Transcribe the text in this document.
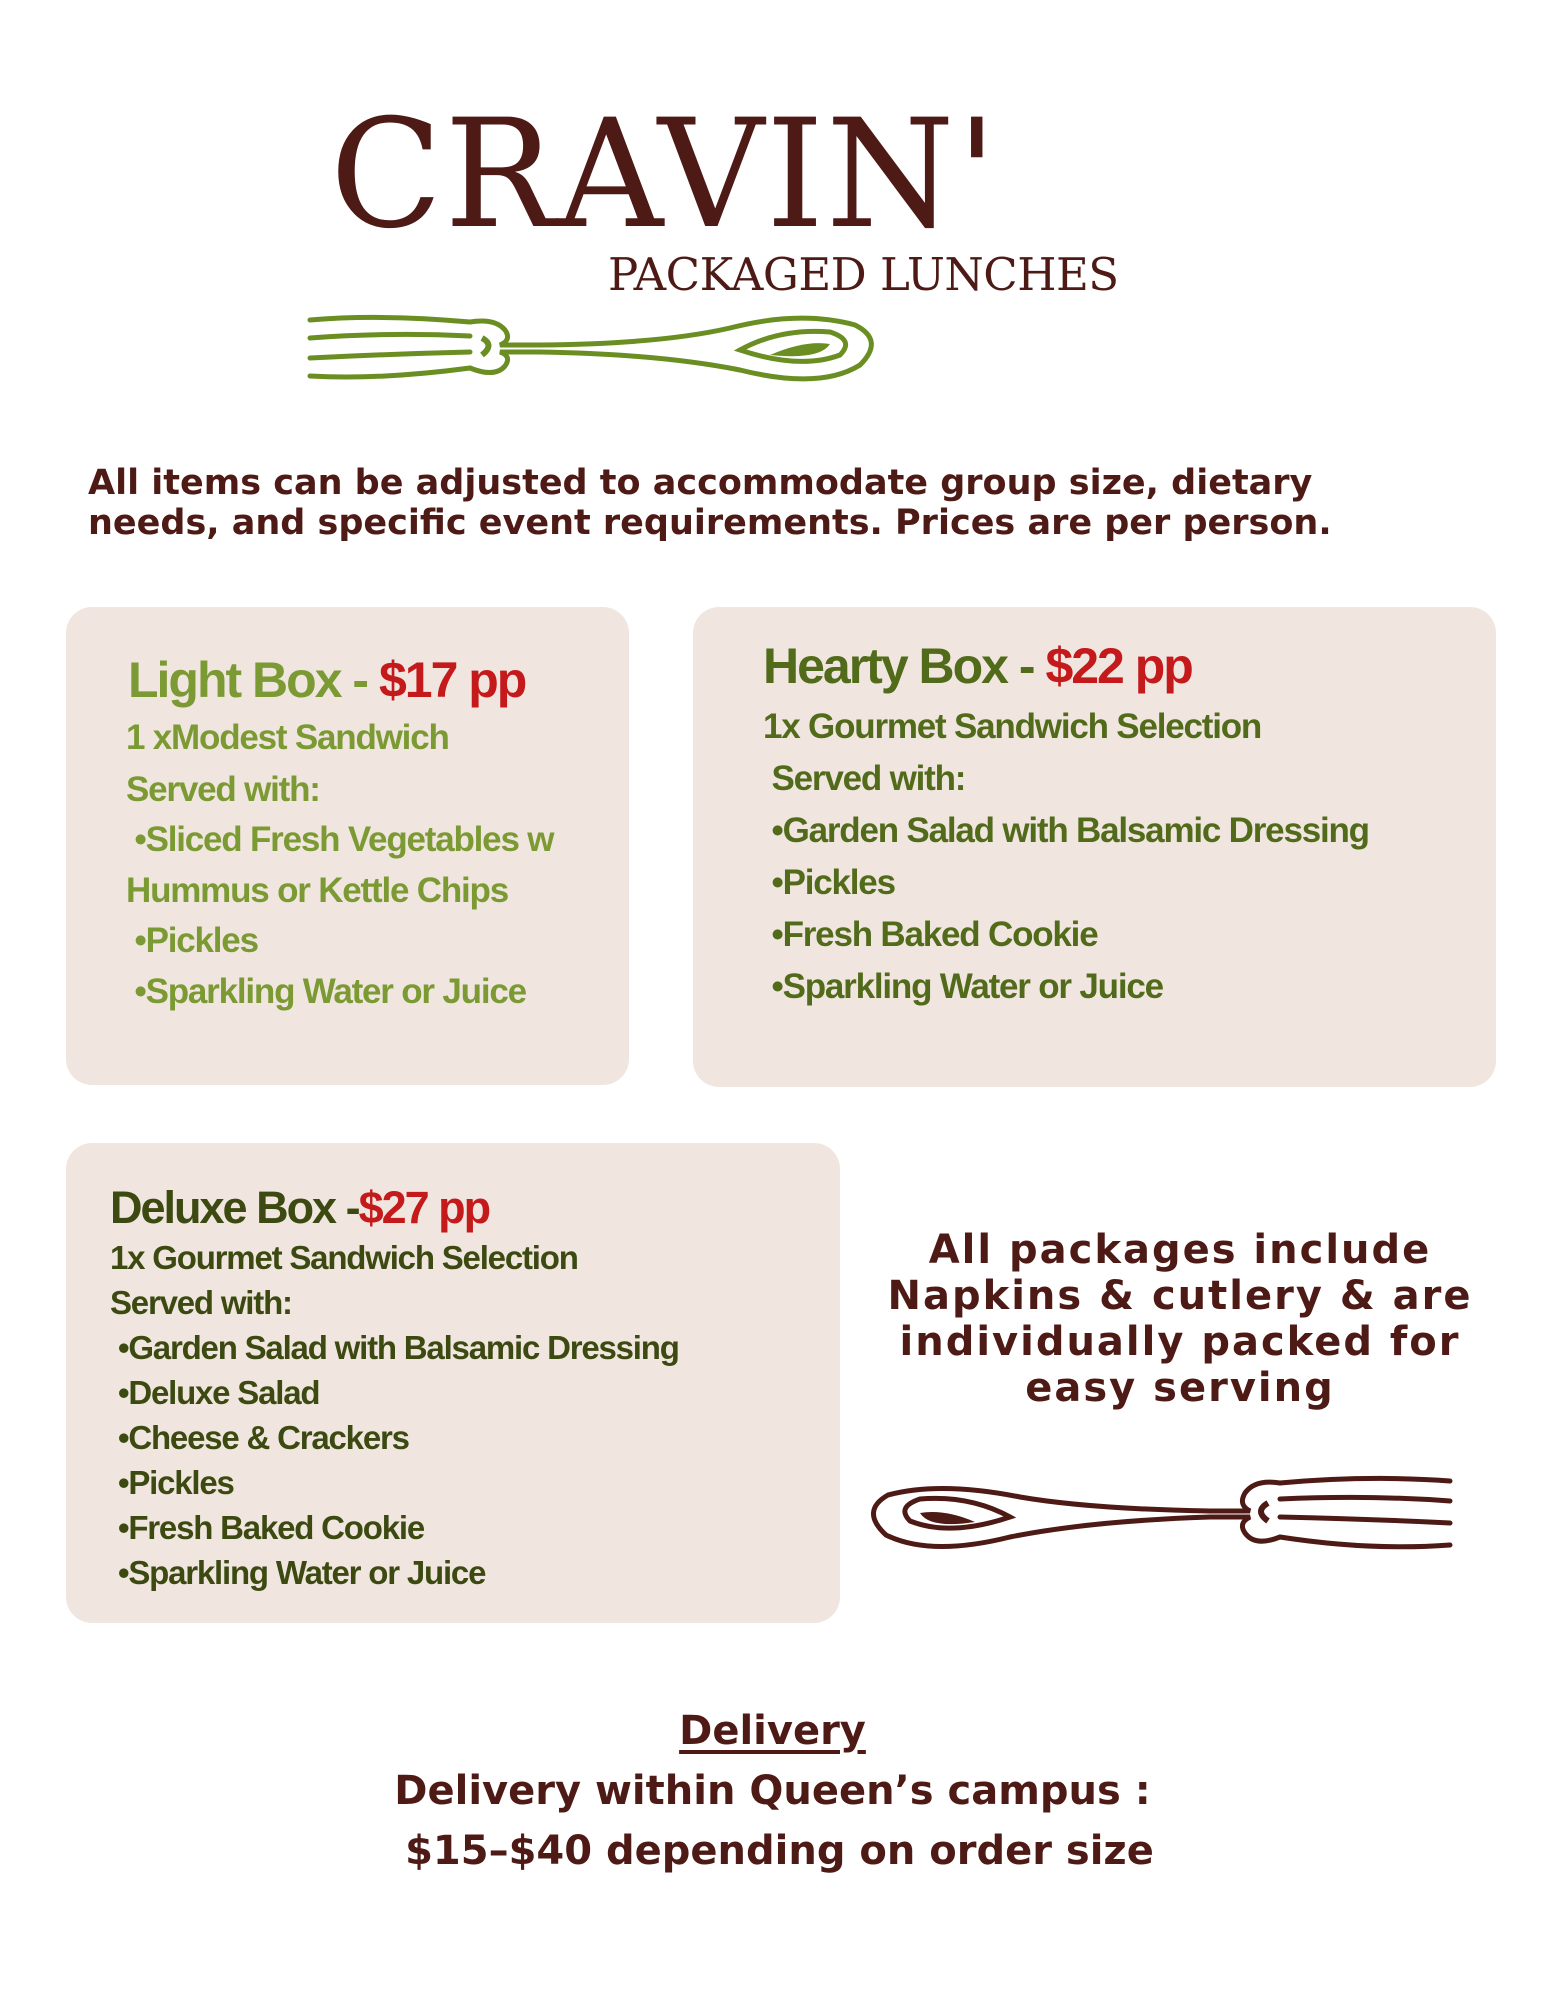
CRAVIN'
PACKAGED LUNCHES
All items can be adjusted to accommodate group size, dietary
needs, and specific event requirements. Prices are per person.
Light Box - $17 pp
1 xModest Sandwich
Served with:
•Sliced Fresh Vegetables w
Hummus or Kettle Chips
•Pickles
•Sparkling Water or Juice
Hearty Box - $22 pp
1x Gourmet Sandwich Selection
Served with:
•Garden Salad with Balsamic Dressing
•Pickles
•Fresh Baked Cookie
•Sparkling Water or Juice
Deluxe Box -$27 pp
1x Gourmet Sandwich Selection
Served with:
•Garden Salad with Balsamic Dressing
•Deluxe Salad
•Cheese & Crackers
•Pickles
•Fresh Baked Cookie
•Sparkling Water or Juice
All packages include
Napkins & cutlery & are
individually packed for
easy serving
Delivery
Delivery within Queen’s campus :
$15–$40 depending on order size
